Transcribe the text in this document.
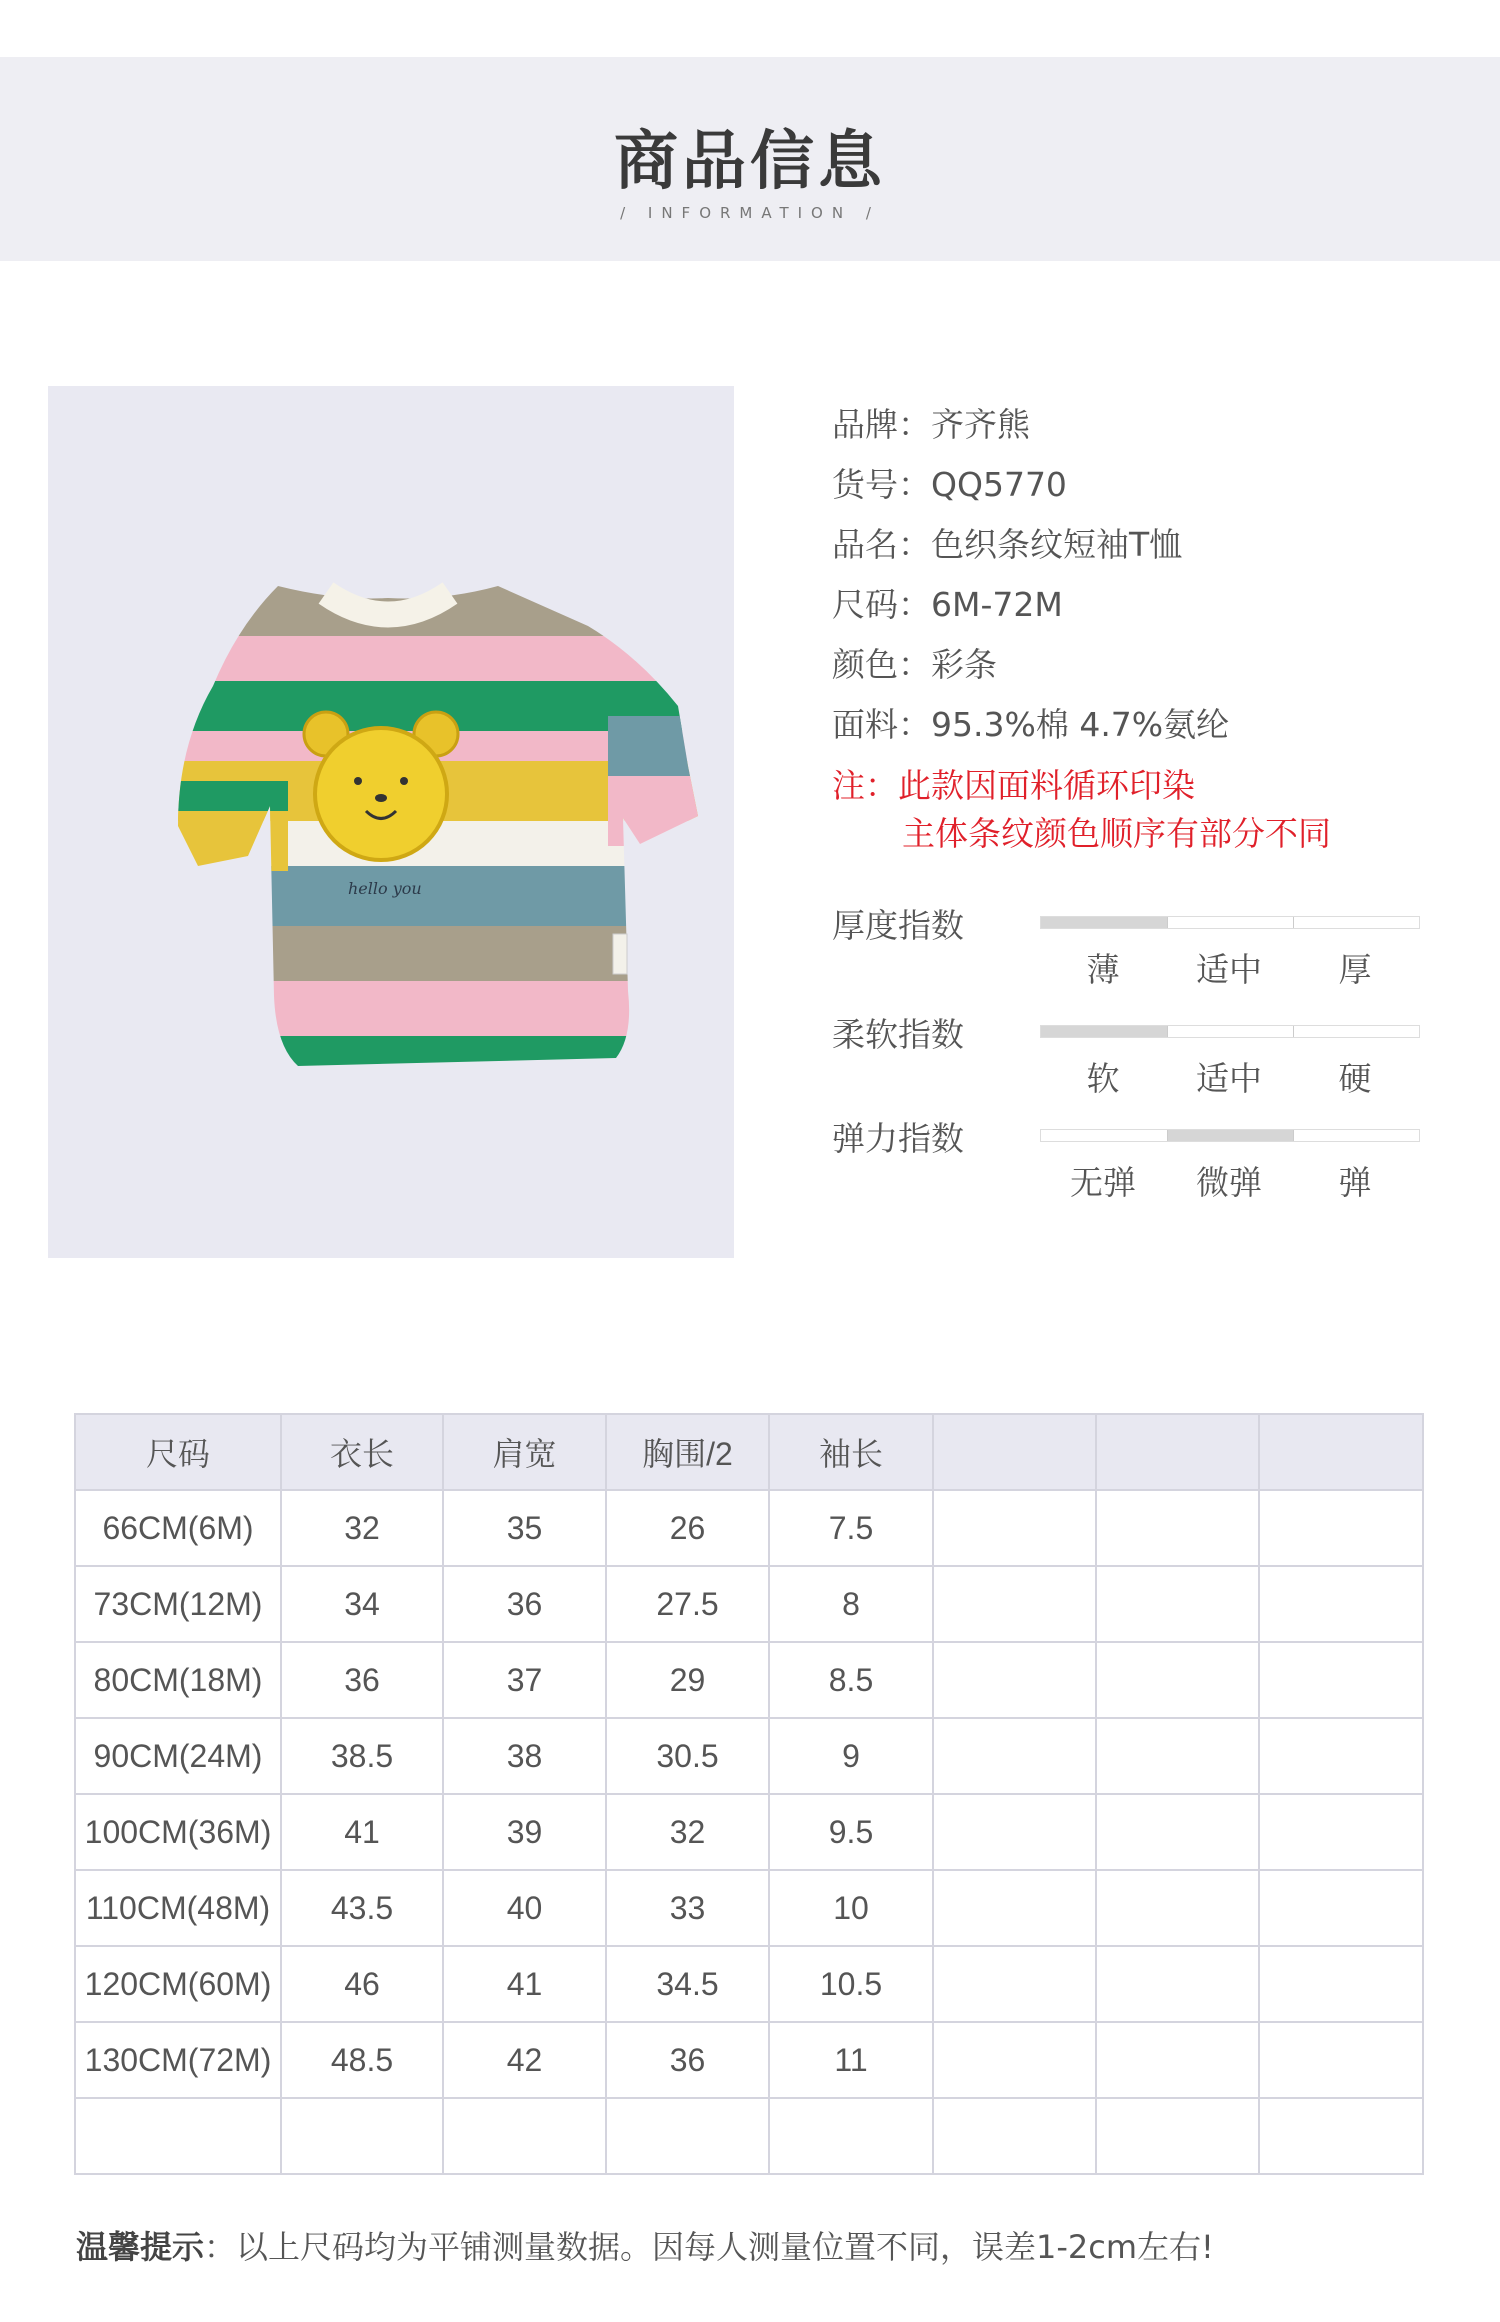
商品信息
/ INFORMATION /
hello you
品牌：齐齐熊
货号：QQ5770
品名：色织条纹短袖T恤
尺码：6M-72M
颜色：彩条
面料：95.3%棉 4.7%氨纶
注：此款因面料循环印染
主体条纹颜色顺序有部分不同
厚度指数
薄	适中	厚
柔软指数
软	适中	硬
弹力指数
无弹	微弹	弹
尺码	衣长	肩宽	胸围/2	袖长			
66CM(6M)	32	35	26	7.5			
73CM(12M)	34	36	27.5	8			
80CM(18M)	36	37	29	8.5			
90CM(24M)	38.5	38	30.5	9			
100CM(36M)	41	39	32	9.5			
110CM(48M)	43.5	40	33	10			
120CM(60M)	46	41	34.5	10.5			
130CM(72M)	48.5	42	36	11			

温馨提示：以上尺码均为平铺测量数据。因每人测量位置不同，误差1-2cm左右!
